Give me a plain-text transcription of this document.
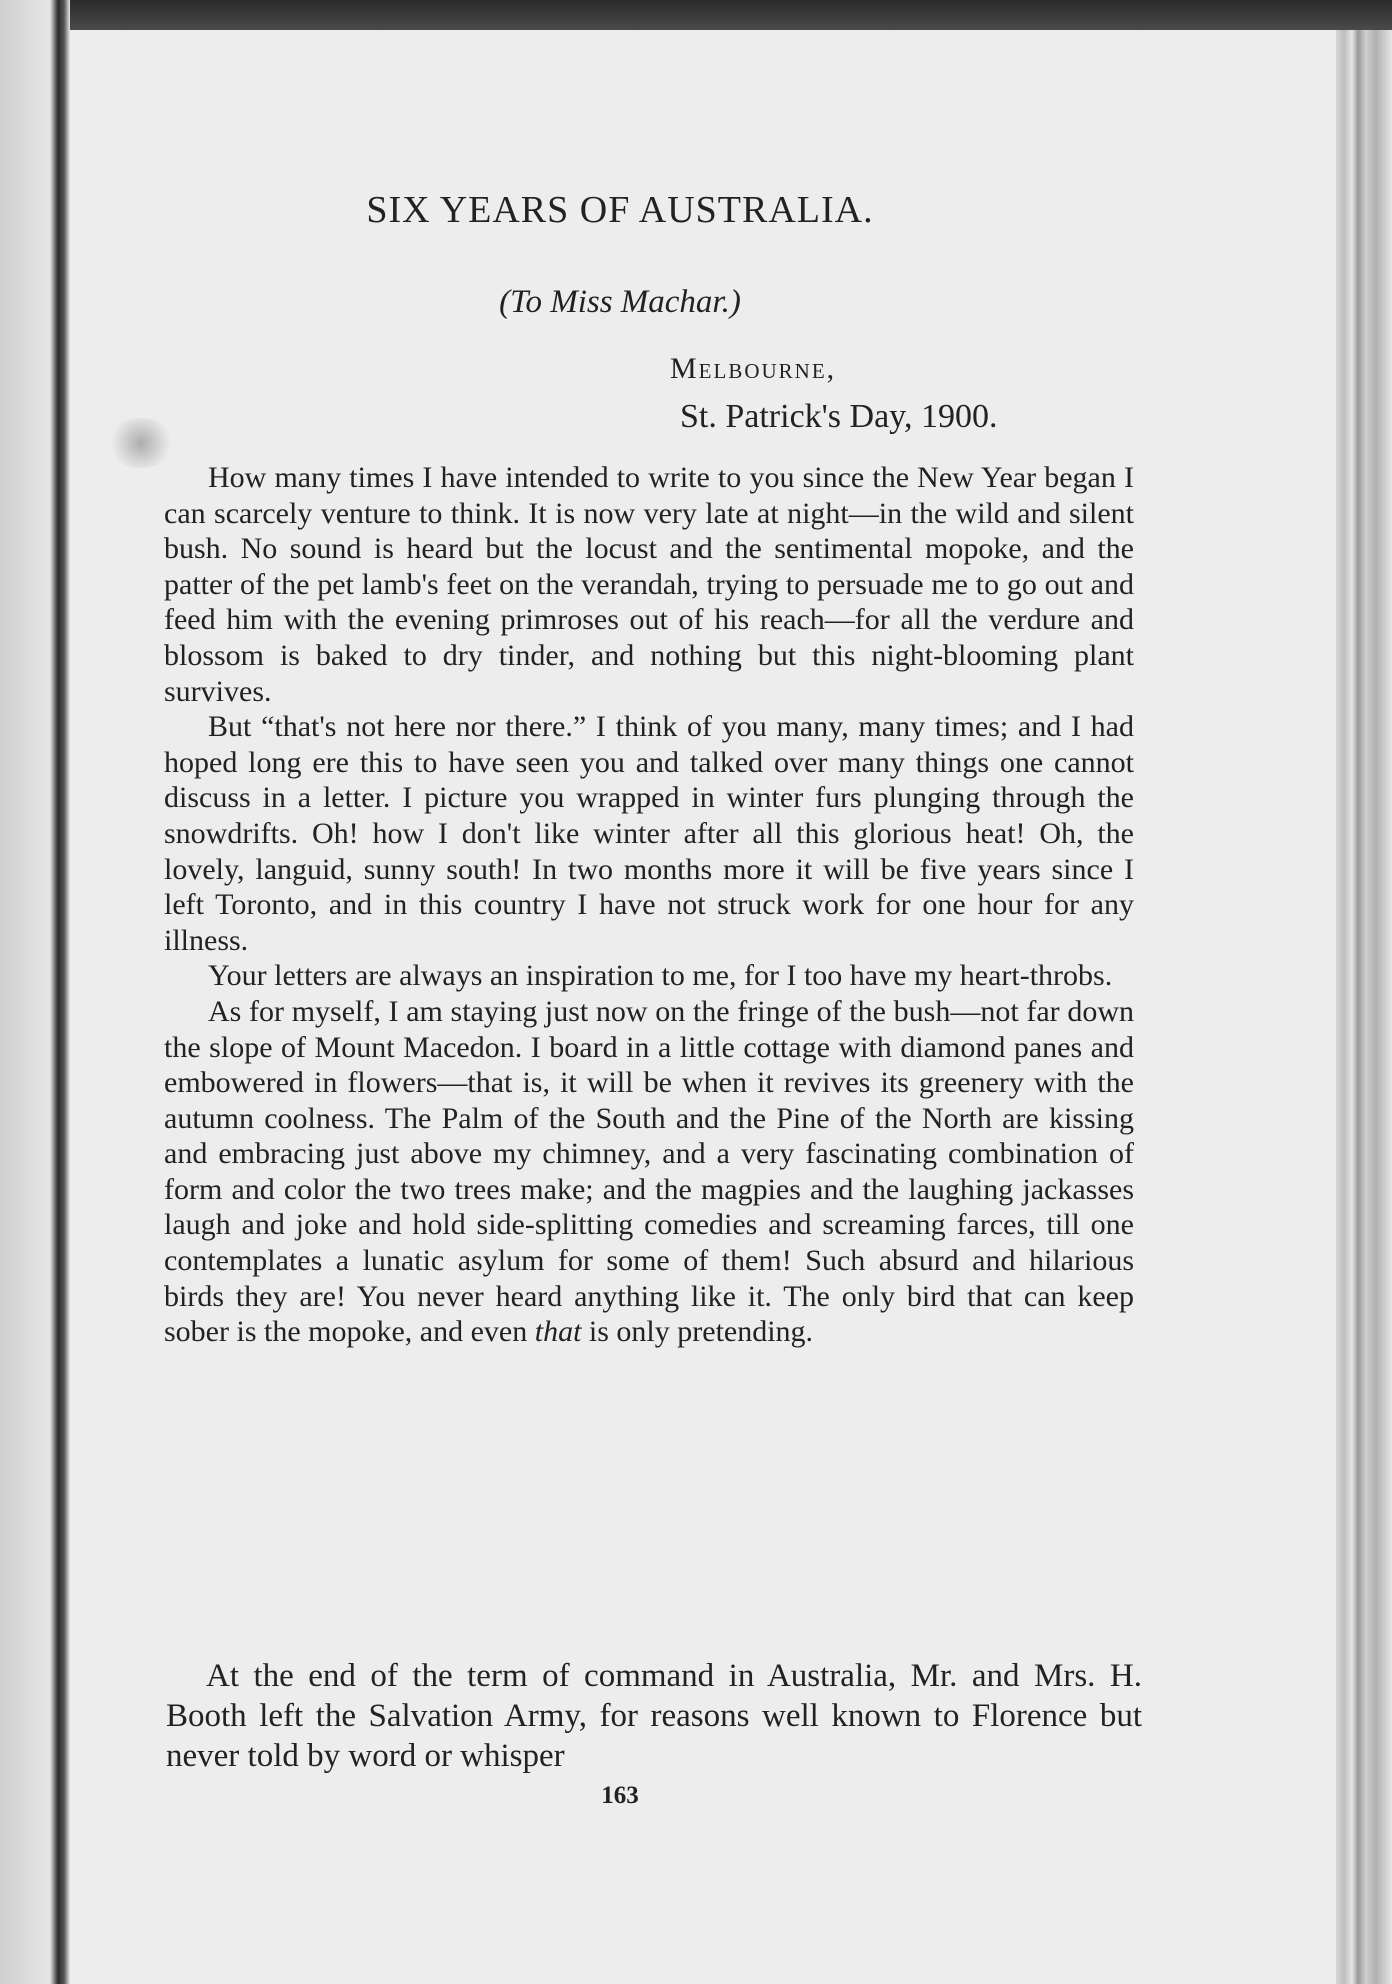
SIX YEARS OF AUSTRALIA.

(To Miss Machar.)

Melbourne,

St. Patrick's Day, 1900.

How many times I have intended to write to you since the New Year began I can scarcely venture to think. It is now very late at night—in the wild and silent bush. No sound is heard but the locust and the sentimental mopoke, and the patter of the pet lamb's feet on the verandah, trying to persuade me to go out and feed him with the evening primroses out of his reach—for all the verdure and blossom is baked to dry tinder, and nothing but this night-blooming plant survives.

But “that's not here nor there.” I think of you many, many times; and I had hoped long ere this to have seen you and talked over many things one cannot discuss in a letter. I picture you wrapped in winter furs plunging through the snowdrifts. Oh! how I don't like winter after all this glorious heat! Oh, the lovely, languid, sunny south! In two months more it will be five years since I left Toronto, and in this country I have not struck work for one hour for any illness.

Your letters are always an inspiration to me, for I too have my heart-throbs.

As for myself, I am staying just now on the fringe of the bush—not far down the slope of Mount Macedon. I board in a little cottage with diamond panes and embowered in flowers—that is, it will be when it revives its greenery with the autumn coolness. The Palm of the South and the Pine of the North are kissing and embracing just above my chimney, and a very fascinating combination of form and color the two trees make; and the magpies and the laughing jackasses laugh and joke and hold side-splitting comedies and screaming farces, till one contemplates a lunatic asylum for some of them! Such absurd and hilarious birds they are! You never heard anything like it. The only bird that can keep sober is the mopoke, and even that is only pretending.

At the end of the term of command in Australia, Mr. and Mrs. H. Booth left the Salvation Army, for reasons well known to Florence but never told by word or whisper

163
